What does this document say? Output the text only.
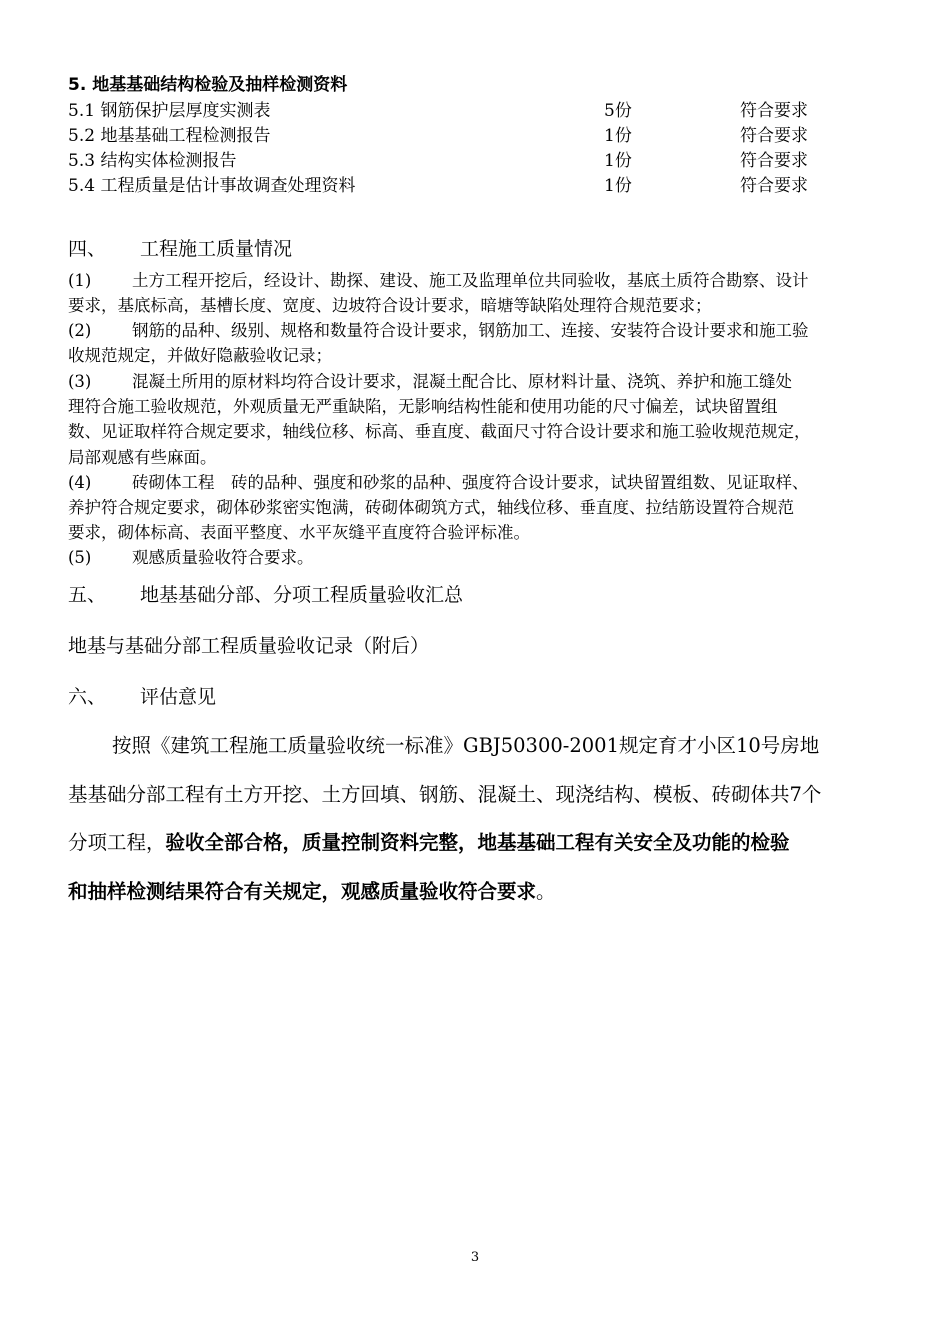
5. 地基基础结构检验及抽样检测资料
5.1 钢筋保护层厚度实测表	5份	符合要求
5.2 地基基础工程检测报告	1份	符合要求
5.3 结构实体检测报告	1份	符合要求
5.4 工程质量是估计事故调查处理资料	1份	符合要求
四、 工程施工质量情况
(1) 土方工程开挖后，经设计、勘探、建设、施工及监理单位共同验收，基底土质符合勘察、设计
要求，基底标高，基槽长度、宽度、边坡符合设计要求，暗塘等缺陷处理符合规范要求；
(2) 钢筋的品种、级别、规格和数量符合设计要求，钢筋加工、连接、安装符合设计要求和施工验
收规范规定，并做好隐蔽验收记录；
(3) 混凝土所用的原材料均符合设计要求，混凝土配合比、原材料计量、浇筑、养护和施工缝处
理符合施工验收规范，外观质量无严重缺陷，无影响结构性能和使用功能的尺寸偏差，试块留置组
数、见证取样符合规定要求，轴线位移、标高、垂直度、截面尺寸符合设计要求和施工验收规范规定，
局部观感有些麻面。
(4) 砖砌体工程　砖的品种、强度和砂浆的品种、强度符合设计要求，试块留置组数、见证取样、
养护符合规定要求，砌体砂浆密实饱满，砖砌体砌筑方式，轴线位移、垂直度、拉结筋设置符合规范
要求，砌体标高、表面平整度、水平灰缝平直度符合验评标准。
(5) 观感质量验收符合要求。
五、 地基基础分部、分项工程质量验收汇总
地基与基础分部工程质量验收记录（附后）
六、 评估意见
按照《建筑工程施工质量验收统一标准》GBJ50300-2001规定育才小区10号房地
基基础分部工程有土方开挖、土方回填、钢筋、混凝土、现浇结构、模板、砖砌体共7个
分项工程，验收全部合格，质量控制资料完整，地基基础工程有关安全及功能的检验
和抽样检测结果符合有关规定，观感质量验收符合要求。
3
